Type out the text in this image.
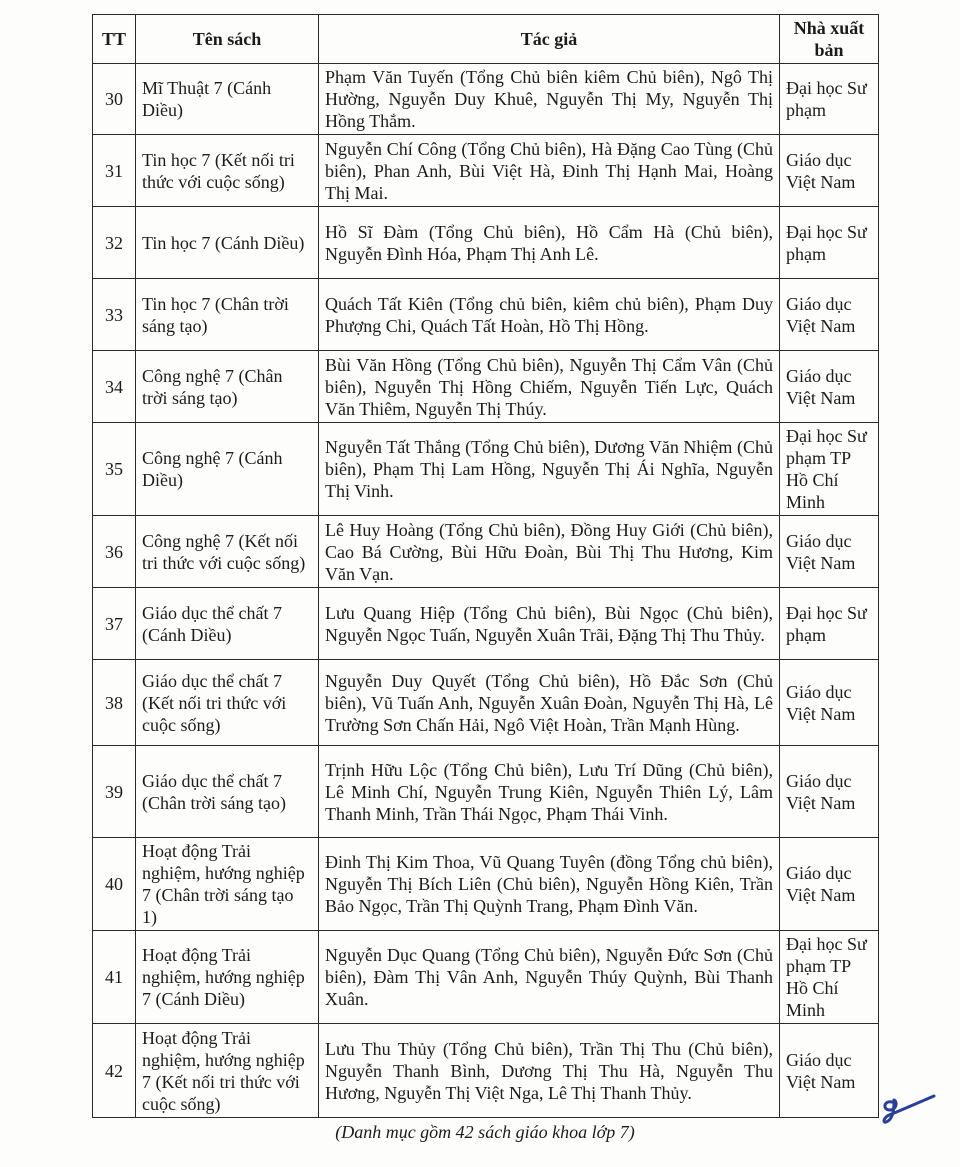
TT	Tên sách	Tác giả	Nhà xuất bản
30	Mĩ Thuật 7 (Cánh Diều)	Phạm Văn Tuyến (Tổng Chủ biên kiêm Chủ biên), Ngô Thị Hường, Nguyễn Duy Khuê, Nguyễn Thị My, Nguyễn Thị Hồng Thắm.	Đại học Sư phạm
31	Tin học 7 (Kết nối tri thức với cuộc sống)	Nguyễn Chí Công (Tổng Chủ biên), Hà Đặng Cao Tùng (Chủ biên), Phan Anh, Bùi Việt Hà, Đinh Thị Hạnh Mai, Hoàng Thị Mai.	Giáo dục Việt Nam
32	Tin học 7 (Cánh Diều)	Hồ Sĩ Đàm (Tổng Chủ biên), Hồ Cẩm Hà (Chủ biên), Nguyễn Đình Hóa, Phạm Thị Anh Lê.	Đại học Sư phạm
33	Tin học 7 (Chân trời sáng tạo)	Quách Tất Kiên (Tổng chủ biên, kiêm chủ biên), Phạm Duy Phượng Chi, Quách Tất Hoàn, Hồ Thị Hồng.	Giáo dục Việt Nam
34	Công nghệ 7 (Chân trời sáng tạo)	Bùi Văn Hồng (Tổng Chủ biên), Nguyễn Thị Cẩm Vân (Chủ biên), Nguyễn Thị Hồng Chiếm, Nguyễn Tiến Lực, Quách Văn Thiêm, Nguyễn Thị Thúy.	Giáo dục Việt Nam
35	Công nghệ 7 (Cánh Diều)	Nguyễn Tất Thắng (Tổng Chủ biên), Dương Văn Nhiệm (Chủ biên), Phạm Thị Lam Hồng, Nguyễn Thị Ái Nghĩa, Nguyễn Thị Vinh.	Đại học Sư phạm TP Hồ Chí Minh
36	Công nghệ 7 (Kết nối tri thức với cuộc sống)	Lê Huy Hoàng (Tổng Chủ biên), Đồng Huy Giới (Chủ biên), Cao Bá Cường, Bùi Hữu Đoàn, Bùi Thị Thu Hương, Kim Văn Vạn.	Giáo dục Việt Nam
37	Giáo dục thể chất 7 (Cánh Diều)	Lưu Quang Hiệp (Tổng Chủ biên), Bùi Ngọc (Chủ biên), Nguyễn Ngọc Tuấn, Nguyễn Xuân Trãi, Đặng Thị Thu Thủy.	Đại học Sư phạm
38	Giáo dục thể chất 7 (Kết nối tri thức với cuộc sống)	Nguyễn Duy Quyết (Tổng Chủ biên), Hồ Đắc Sơn (Chủ biên), Vũ Tuấn Anh, Nguyễn Xuân Đoàn, Nguyễn Thị Hà, Lê Trường Sơn Chấn Hải, Ngô Việt Hoàn, Trần Mạnh Hùng.	Giáo dục Việt Nam
39	Giáo dục thể chất 7 (Chân trời sáng tạo)	Trịnh Hữu Lộc (Tổng Chủ biên), Lưu Trí Dũng (Chủ biên), Lê Minh Chí, Nguyễn Trung Kiên, Nguyễn Thiên Lý, Lâm Thanh Minh, Trần Thái Ngọc, Phạm Thái Vinh.	Giáo dục Việt Nam
40	Hoạt động Trải nghiệm, hướng nghiệp 7 (Chân trời sáng tạo 1)	Đinh Thị Kim Thoa, Vũ Quang Tuyên (đồng Tổng chủ biên), Nguyễn Thị Bích Liên (Chủ biên), Nguyễn Hồng Kiên, Trần Bảo Ngọc, Trần Thị Quỳnh Trang, Phạm Đình Văn.	Giáo dục Việt Nam
41	Hoạt động Trải nghiệm, hướng nghiệp 7 (Cánh Diều)	Nguyễn Dục Quang (Tổng Chủ biên), Nguyễn Đức Sơn (Chủ biên), Đàm Thị Vân Anh, Nguyễn Thúy Quỳnh, Bùi Thanh Xuân.	Đại học Sư phạm TP Hồ Chí Minh
42	Hoạt động Trải nghiệm, hướng nghiệp 7 (Kết nối tri thức với cuộc sống)	Lưu Thu Thủy (Tổng Chủ biên), Trần Thị Thu (Chủ biên), Nguyễn Thanh Bình, Dương Thị Thu Hà, Nguyễn Thu Hương, Nguyễn Thị Việt Nga, Lê Thị Thanh Thủy.	Giáo dục Việt Nam
(Danh mục gồm 42 sách giáo khoa lớp 7)
